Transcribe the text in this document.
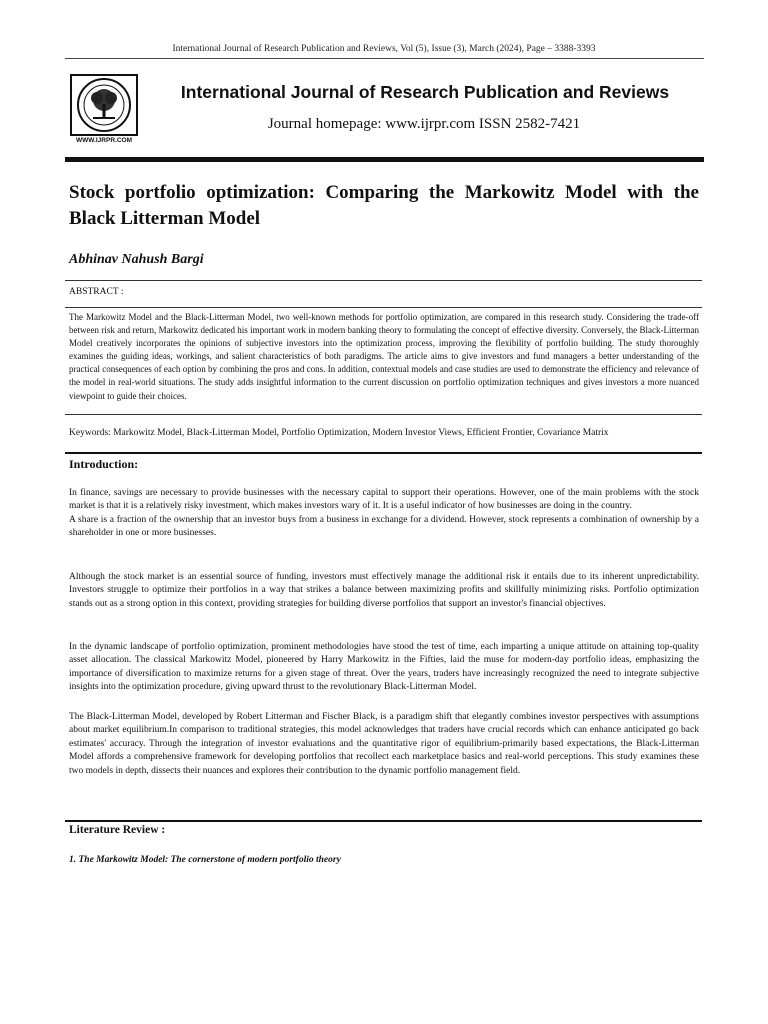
International Journal of Research Publication and Reviews, Vol (5), Issue (3), March (2024), Page – 3388-3393
WWW.IJRPR.COM
International Journal of Research Publication and Reviews
Journal homepage: www.ijrpr.com ISSN 2582-7421
Stock portfolio optimization: Comparing the Markowitz Model with the Black Litterman Model
Abhinav Nahush Bargi
ABSTRACT :
The Markowitz Model and the Black-Litterman Model, two well-known methods for portfolio optimization, are compared in this research study. Considering the trade-off between risk and return, Markowitz dedicated his important work in modern banking theory to formulating the concept of effective diversity. Conversely, the Black-Litterman Model creatively incorporates the opinions of subjective investors into the optimization process, improving the flexibility of portfolio building. The study thoroughly examines the guiding ideas, workings, and salient characteristics of both paradigms. The article aims to give investors and fund managers a better understanding of the practical consequences of each option by combining the pros and cons. In addition, contextual models and case studies are used to demonstrate the efficiency and relevance of the model in real-world situations. The study adds insightful information to the current discussion on portfolio optimization techniques and gives investors a more nuanced viewpoint to guide their choices.
Keywords: Markowitz Model, Black-Litterman Model, Portfolio Optimization, Modern Investor Views, Efficient Frontier, Covariance Matrix
Introduction:
In finance, savings are necessary to provide businesses with the necessary capital to support their operations. However, one of the main problems with the stock market is that it is a relatively risky investment, which makes investors wary of it. It is a useful indicator of how businesses are doing in the country.
A share is a fraction of the ownership that an investor buys from a business in exchange for a dividend. However, stock represents a combination of ownership by a shareholder in one or more businesses.
Although the stock market is an essential source of funding, investors must effectively manage the additional risk it entails due to its inherent unpredictability. Investors struggle to optimize their portfolios in a way that strikes a balance between maximizing profits and skillfully minimizing risks. Portfolio optimization stands out as a strong option in this context, providing strategies for building diverse portfolios that support an investor's financial objectives.
In the dynamic landscape of portfolio optimization, prominent methodologies have stood the test of time, each imparting a unique attitude on attaining top-quality asset allocation. The classical Markowitz Model, pioneered by Harry Markowitz in the Fifties, laid the muse for modern-day portfolio ideas, emphasizing the importance of diversification to maximize returns for a given stage of threat. Over the years, traders have increasingly recognized the need to integrate subjective insights into the optimization procedure, giving upward thrust to the revolutionary Black-Litterman Model.
The Black-Litterman Model, developed by Robert Litterman and Fischer Black, is a paradigm shift that elegantly combines investor perspectives with assumptions about market equilibrium.In comparison to traditional strategies, this model acknowledges that traders have crucial records which can enhance anticipated go back estimates' accuracy. Through the integration of investor evaluations and the quantitative rigor of equilibrium-primarily based expectations, the Black-Litterman Model affords a comprehensive framework for developing portfolios that recollect each marketplace basics and real-world perceptions. This study examines these two models in depth, dissects their nuances and explores their contribution to the dynamic portfolio management field.
Literature Review :
1. The Markowitz Model: The cornerstone of modern portfolio theory
